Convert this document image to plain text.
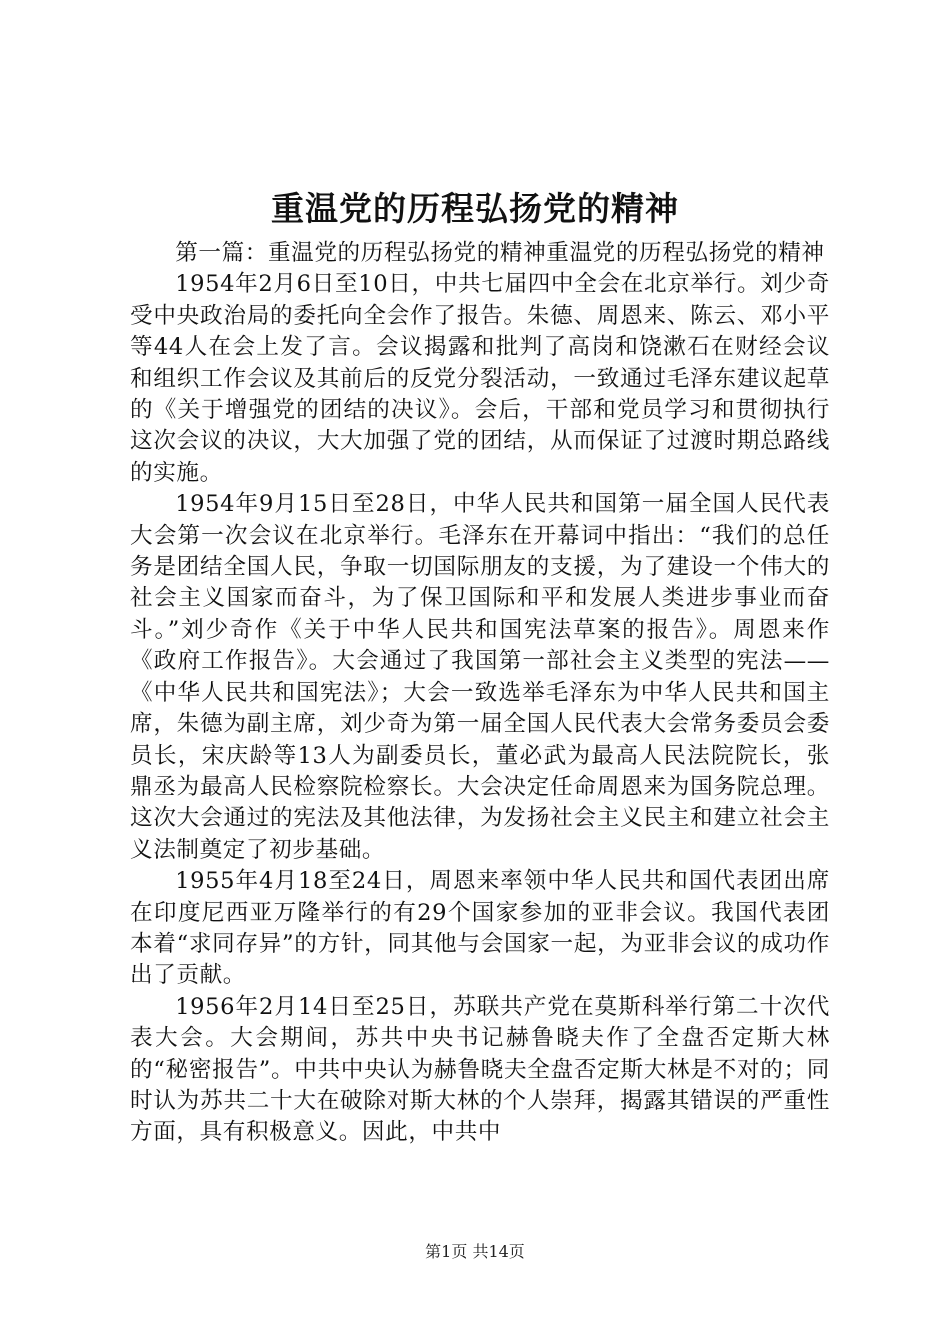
重温党的历程弘扬党的精神

第一篇：重温党的历程弘扬党的精神重温党的历程弘扬党的精神

1954年2月6日至10日，中共七届四中全会在北京举行。刘少奇受中央政治局的委托向全会作了报告。朱德、周恩来、陈云、邓小平等44人在会上发了言。会议揭露和批判了高岗和饶漱石在财经会议和组织工作会议及其前后的反党分裂活动，一致通过毛泽东建议起草的《关于增强党的团结的决议》。会后，干部和党员学习和贯彻执行这次会议的决议，大大加强了党的团结，从而保证了过渡时期总路线的实施。

1954年9月15日至28日，中华人民共和国第一届全国人民代表大会第一次会议在北京举行。毛泽东在开幕词中指出：“我们的总任务是团结全国人民，争取一切国际朋友的支援，为了建设一个伟大的社会主义国家而奋斗，为了保卫国际和平和发展人类进步事业而奋斗。”刘少奇作《关于中华人民共和国宪法草案的报告》。周恩来作《政府工作报告》。大会通过了我国第一部社会主义类型的宪法——《中华人民共和国宪法》；大会一致选举毛泽东为中华人民共和国主席，朱德为副主席，刘少奇为第一届全国人民代表大会常务委员会委员长，宋庆龄等13人为副委员长，董必武为最高人民法院院长，张鼎丞为最高人民检察院检察长。大会决定任命周恩来为国务院总理。这次大会通过的宪法及其他法律，为发扬社会主义民主和建立社会主义法制奠定了初步基础。

1955年4月18至24日，周恩来率领中华人民共和国代表团出席在印度尼西亚万隆举行的有29个国家参加的亚非会议。我国代表团本着“求同存异”的方针，同其他与会国家一起，为亚非会议的成功作出了贡献。

1956年2月14日至25日，苏联共产党在莫斯科举行第二十次代表大会。大会期间，苏共中央书记赫鲁晓夫作了全盘否定斯大林的“秘密报告”。中共中央认为赫鲁晓夫全盘否定斯大林是不对的；同时认为苏共二十大在破除对斯大林的个人崇拜，揭露其错误的严重性方面，具有积极意义。因此，中共中

第1页 共14页
